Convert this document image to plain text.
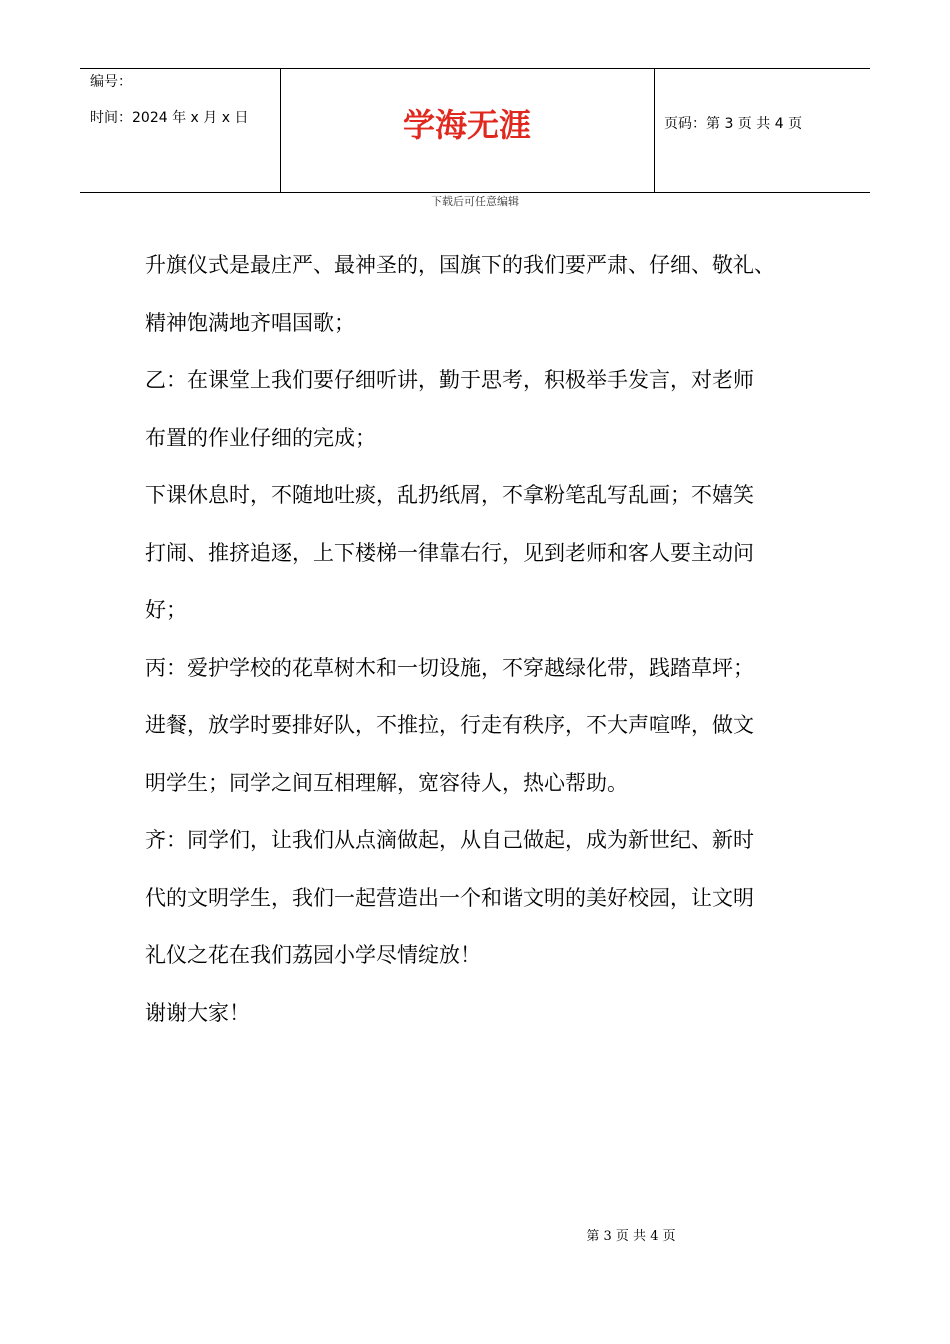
编号：
时间：2024 年 x 月 x 日	学海无涯	页码：第 3 页 共 4 页
下载后可任意编辑

升旗仪式是最庄严、最神圣的，国旗下的我们要严肃、仔细、敬礼、

精神饱满地齐唱国歌；

乙：在课堂上我们要仔细听讲，勤于思考，积极举手发言，对老师

布置的作业仔细的完成；

下课休息时，不随地吐痰，乱扔纸屑，不拿粉笔乱写乱画；不嬉笑

打闹、推挤追逐，上下楼梯一律靠右行，见到老师和客人要主动问

好；

丙：爱护学校的花草树木和一切设施，不穿越绿化带，践踏草坪；

进餐，放学时要排好队，不推拉，行走有秩序，不大声喧哗，做文

明学生；同学之间互相理解，宽容待人，热心帮助。

齐：同学们，让我们从点滴做起，从自己做起，成为新世纪、新时

代的文明学生，我们一起营造出一个和谐文明的美好校园，让文明

礼仪之花在我们荔园小学尽情绽放！

谢谢大家！

第 3 页 共 4 页
